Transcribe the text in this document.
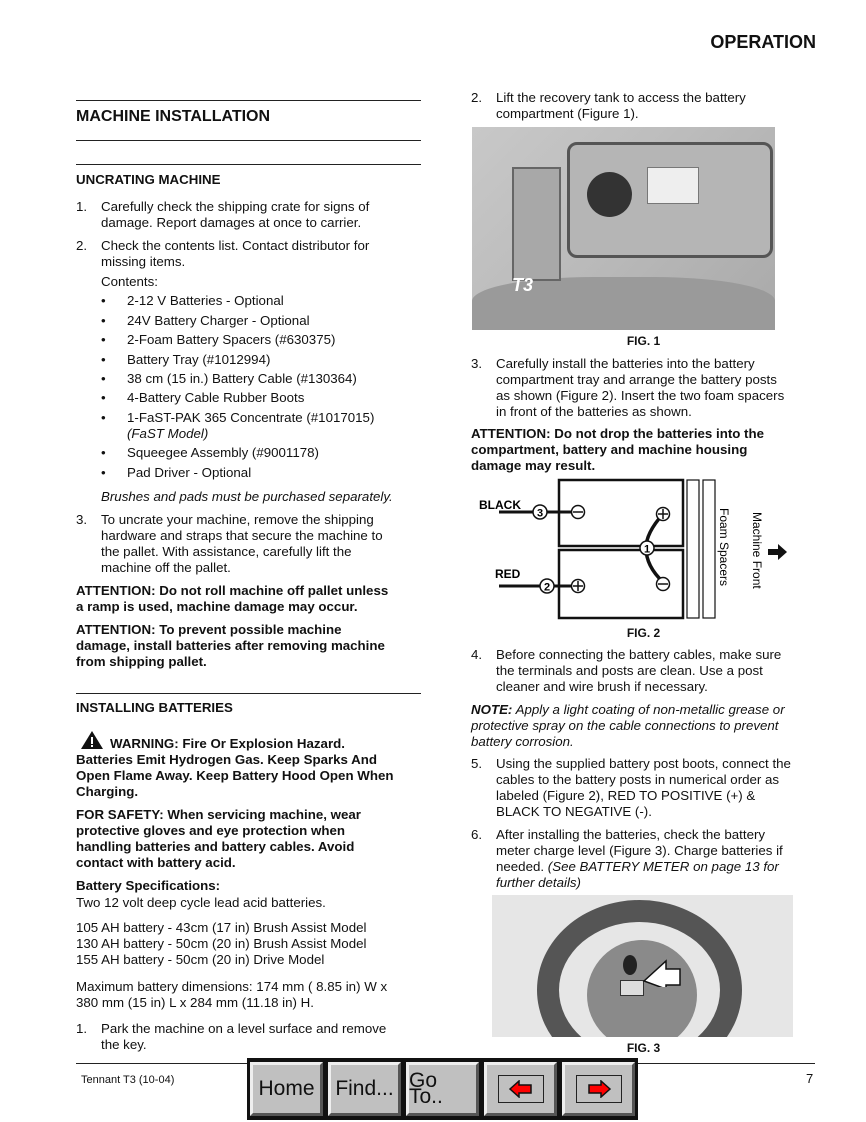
OPERATION
MACHINE INSTALLATION
UNCRATING MACHINE
1. Carefully check the shipping crate for signs of
damage. Report damages at once to carrier.
2. Check the contents list. Contact distributor for
missing items.
Contents:
• 2-12 V Batteries - Optional
• 24V Battery Charger - Optional
• 2-Foam Battery Spacers (#630375)
• Battery Tray (#1012994)
• 38 cm (15 in.) Battery Cable (#130364)
• 4-Battery Cable Rubber Boots
• 1-FaST-PAK 365 Concentrate (#1017015)
(FaST Model)
• Squeegee Assembly (#9001178)
• Pad Driver - Optional
Brushes and pads must be purchased separately.
3. To uncrate your machine, remove the shipping
hardware and straps that secure the machine to
the pallet. With assistance, carefully lift the
machine off the pallet.
ATTENTION: Do not roll machine off pallet unless
a ramp is used, machine damage may occur.
ATTENTION: To prevent possible machine
damage, install batteries after removing machine
from shipping pallet.
INSTALLING BATTERIES
WARNING: Fire Or Explosion Hazard.
Batteries Emit Hydrogen Gas. Keep Sparks And
Open Flame Away. Keep Battery Hood Open When
Charging.
FOR SAFETY: When servicing machine, wear
protective gloves and eye protection when
handling batteries and battery cables. Avoid
contact with battery acid.
Battery Specifications:
Two 12 volt deep cycle lead acid batteries.
105 AH battery - 43cm (17 in) Brush Assist Model
130 AH battery - 50cm (20 in) Brush Assist Model
155 AH battery - 50cm (20 in) Drive Model
Maximum battery dimensions: 174 mm ( 8.85 in) W x
380 mm (15 in) L x 284 mm (11.18 in) H.
1. Park the machine on a level surface and remove
the key.
2. Lift the recovery tank to access the battery
compartment (Figure 1).
T3
FIG. 1
3. Carefully install the batteries into the battery
compartment tray and arrange the battery posts
as shown (Figure 2). Insert the two foam spacers
in front of the batteries as shown.
ATTENTION: Do not drop the batteries into the
compartment, battery and machine housing
damage may result.
3
2
1
BLACK
RED	Foam Spacers Machine Front
FIG. 2
4. Before connecting the battery cables, make sure
the terminals and posts are clean. Use a post
cleaner and wire brush if necessary.
NOTE: Apply a light coating of non-metallic grease or
protective spray on the cable connections to prevent
battery corrosion.
5. Using the supplied battery post boots, connect the
cables to the battery posts in numerical order as
labeled (Figure 2), RED TO POSITIVE (+) &
BLACK TO NEGATIVE (-).
6. After installing the batteries, check the battery
meter charge level (Figure 3). Charge batteries if
needed. (See BATTERY METER on page 13 for
further details)
FIG. 3
Tennant T3 (10-04)	7
Home Find... Go To..
